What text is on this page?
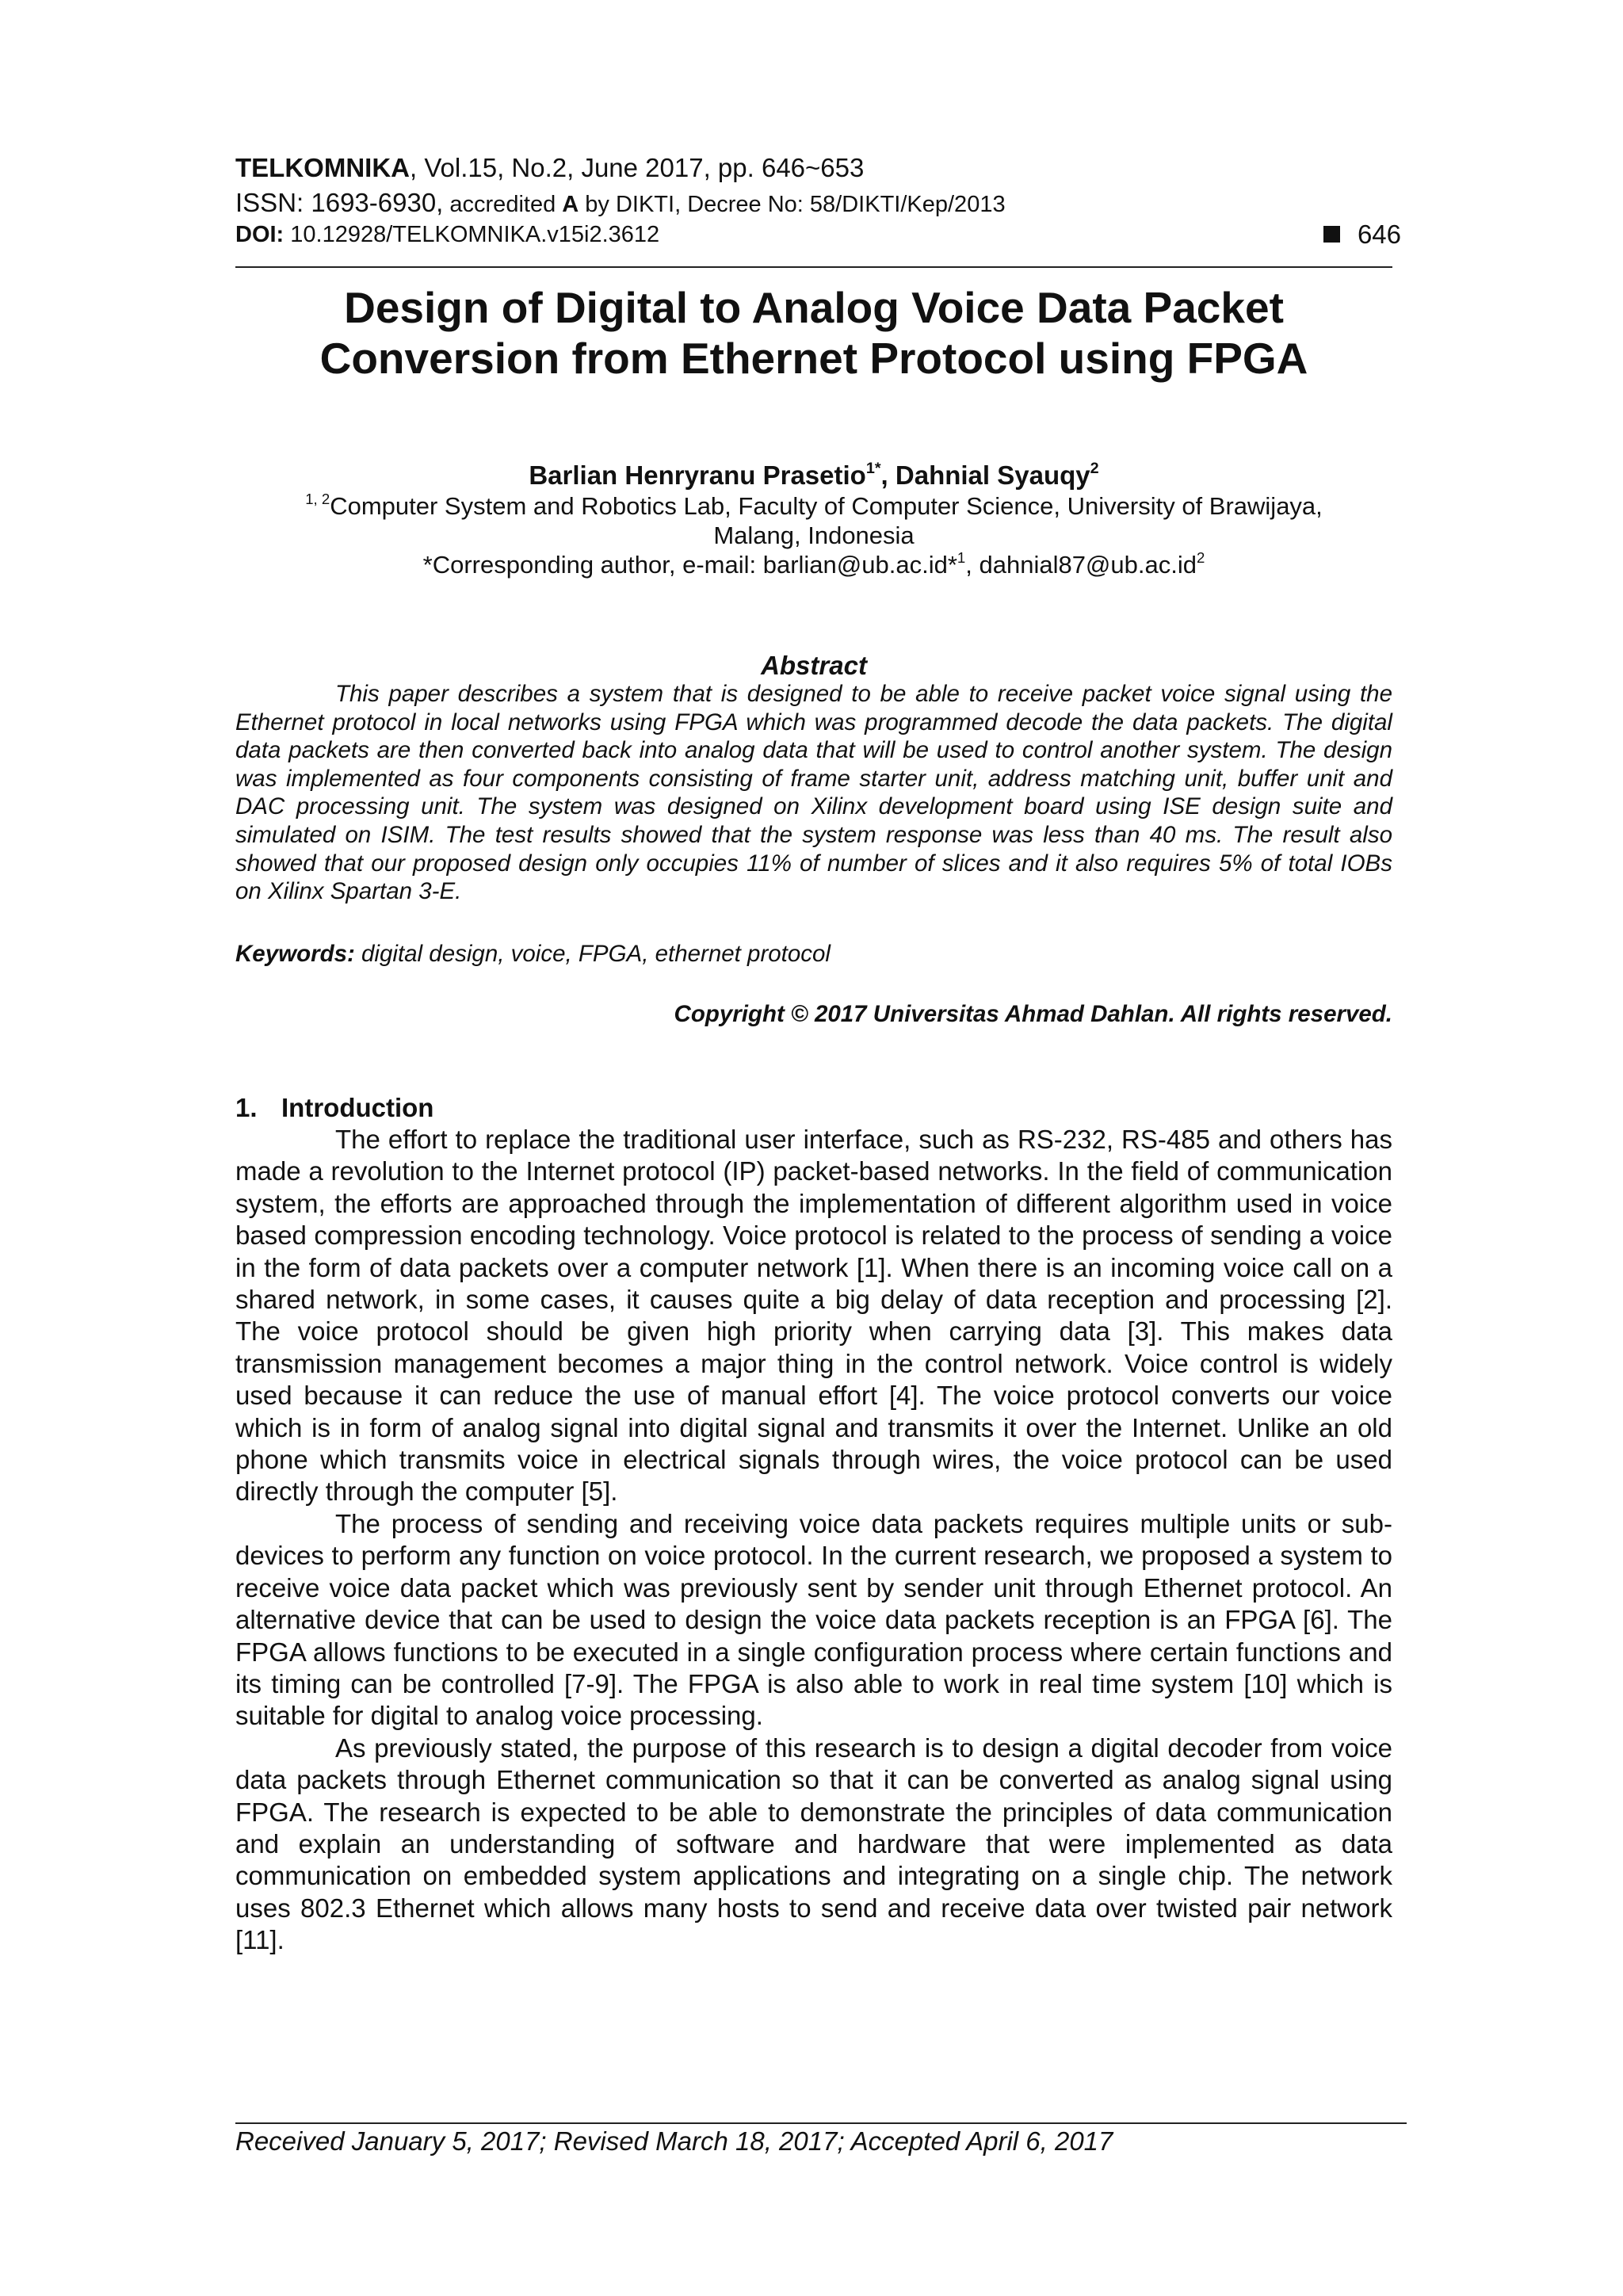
TELKOMNIKA, Vol.15, No.2, June 2017, pp. 646~653
ISSN: 1693-6930, accredited A by DIKTI, Decree No: 58/DIKTI/Kep/2013
DOI: 10.12928/TELKOMNIKA.v15i2.3612	646
Design of Digital to Analog Voice Data Packet
Conversion from Ethernet Protocol using FPGA
Barlian Henryranu Prasetio$^{1*}$, Dahnial Syauqy$^2$
$^{1, 2}$Computer System and Robotics Lab, Faculty of Computer Science, University of Brawijaya,
Malang, Indonesia
*Corresponding author, e-mail: barlian@ub.ac.id*$^1$, $dahnial87@ub.ac.id^2$
Abstract

This paper describes a system that is designed to be able to receive packet voice signal using the Ethernet protocol in local networks using FPGA which was programmed decode the data packets. The digital data packets are then converted back into analog data that will be used to control another system. The design was implemented as four components consisting of frame starter unit, address matching unit, buffer unit and DAC processing unit. The system was designed on Xilinx development board using ISE design suite and simulated on ISIM. The test results showed that the system response was less than 40 ms. The result also showed that our proposed design only occupies 11% of number of slices and it also requires 5% of total IOBs on Xilinx Spartan 3-E.

Keywords: digital design, voice, FPGA, ethernet protocol
Copyright © 2017 Universitas Ahmad Dahlan. All rights reserved.
1. Introduction

The effort to replace the traditional user interface, such as RS-232, RS-485 and others has made a revolution to the Internet protocol (IP) packet-based networks. In the field of communication system, the efforts are approached through the implementation of different algorithm used in voice based compression encoding technology. Voice protocol is related to the process of sending a voice in the form of data packets over a computer network [1]. When there is an incoming voice call on a shared network, in some cases, it causes quite a big delay of data reception and processing [2]. The voice protocol should be given high priority when carrying data [3]. This makes data transmission management becomes a major thing in the control network. Voice control is widely used because it can reduce the use of manual effort [4]. The voice protocol converts our voice which is in form of analog signal into digital signal and transmits it over the Internet. Unlike an old phone which transmits voice in electrical signals through wires, the voice protocol can be used directly through the computer [5].

The process of sending and receiving voice data packets requires multiple units or sub-devices to perform any function on voice protocol. In the current research, we proposed a system to receive voice data packet which was previously sent by sender unit through Ethernet protocol. An alternative device that can be used to design the voice data packets reception is an FPGA [6]. The FPGA allows functions to be executed in a single configuration process where certain functions and its timing can be controlled [7-9]. The FPGA is also able to work in real time system [10] which is suitable for digital to analog voice processing.

As previously stated, the purpose of this research is to design a digital decoder from voice data packets through Ethernet communication so that it can be converted as analog signal using FPGA. The research is expected to be able to demonstrate the principles of data communication and explain an understanding of software and hardware that were implemented as data communication on embedded system applications and integrating on a single chip. The network uses 802.3 Ethernet which allows many hosts to send and receive data over twisted pair network [11].

Received January 5, 2017; Revised March 18, 2017; Accepted April 6, 2017
